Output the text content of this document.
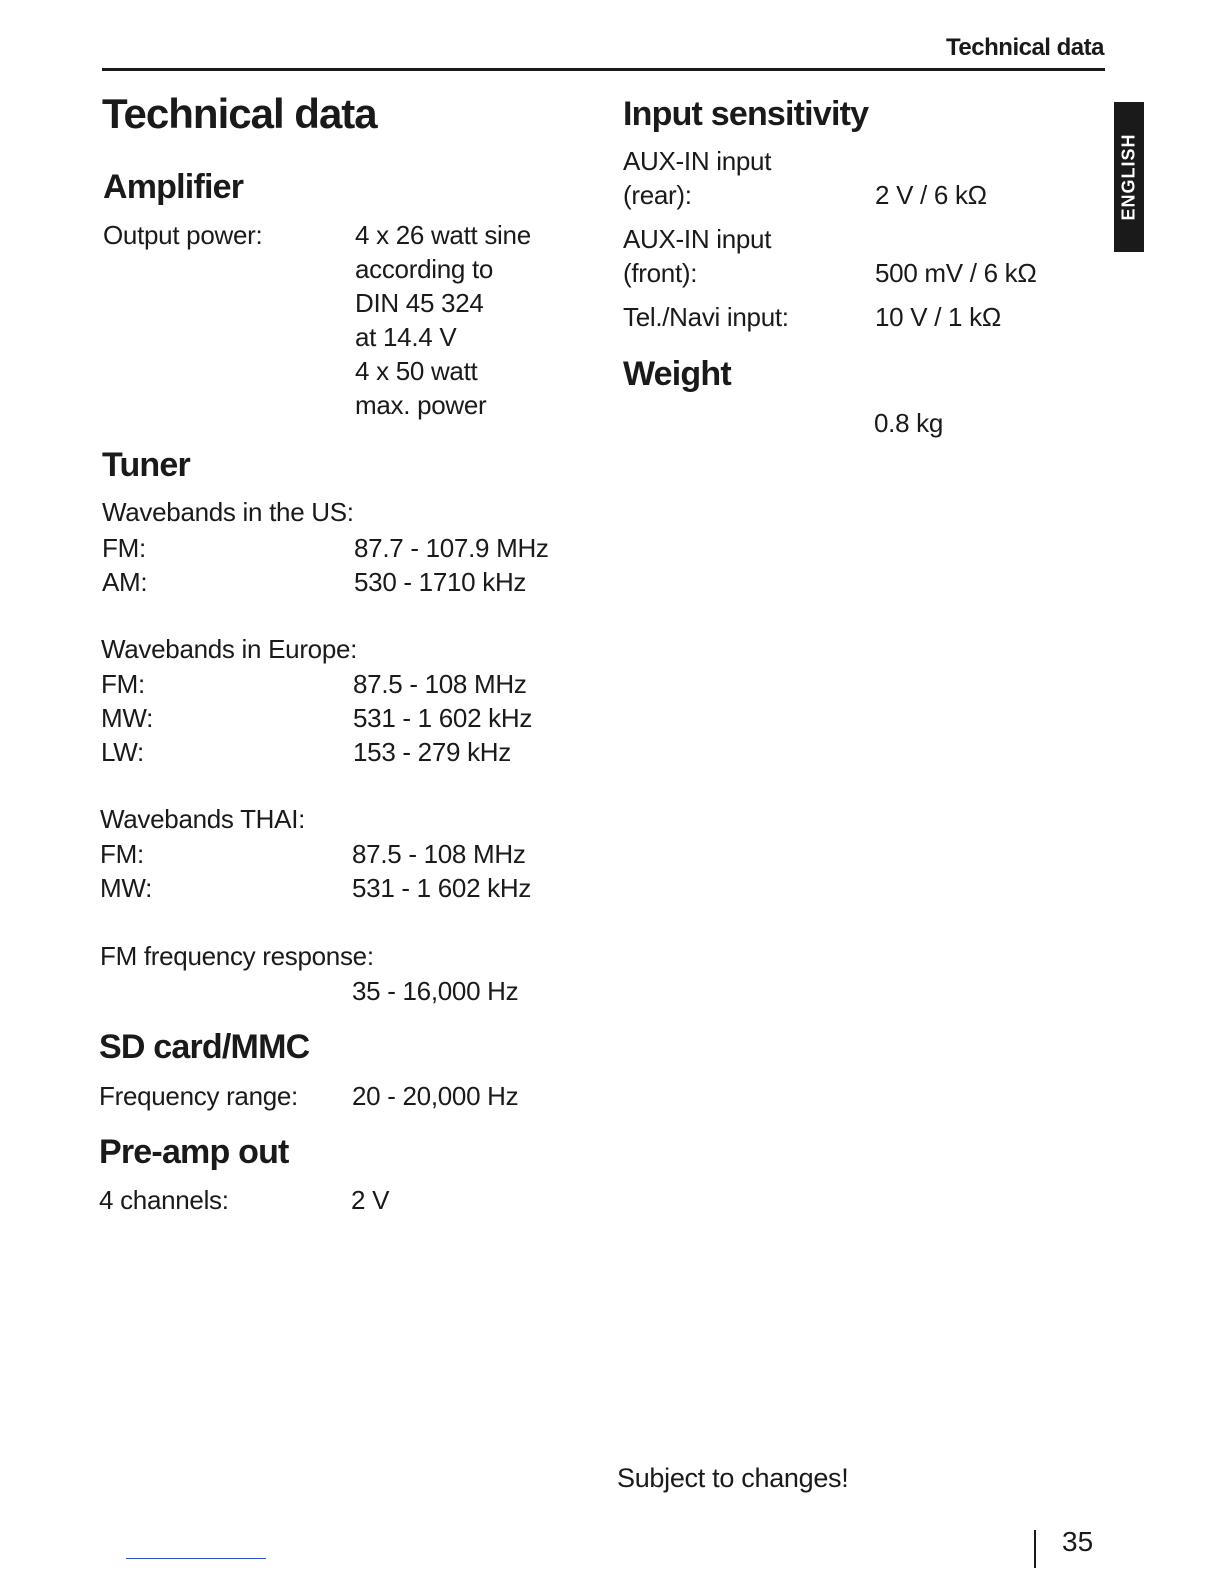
Technical data
ENGLISH
Technical data
Amplifier
Output power:	4 x 26 watt sine
according to
DIN 45 324
at 14.4 V
4 x 50 watt
max. power
Tuner
Wavebands in the US:
FM:	87.7 - 107.9 MHz
AM:	530 - 1710 kHz
Wavebands in Europe:
FM:	87.5 - 108 MHz
MW:	531 - 1 602 kHz
LW:	153 - 279 kHz
Wavebands THAI:
FM:	87.5 - 108 MHz
MW:	531 - 1 602 kHz
FM frequency response:
35 - 16,000 Hz
SD card/MMC
Frequency range: 20 - 20,000 Hz
Pre-amp out
4 channels:	2 V
Input sensitivity
AUX-IN input
(rear):	2 V / 6 kΩ
AUX-IN input
(front):	500 mV / 6 kΩ
Tel./Navi input:	10 V / 1 kΩ
Weight
0.8 kg
Subject to changes!
35
